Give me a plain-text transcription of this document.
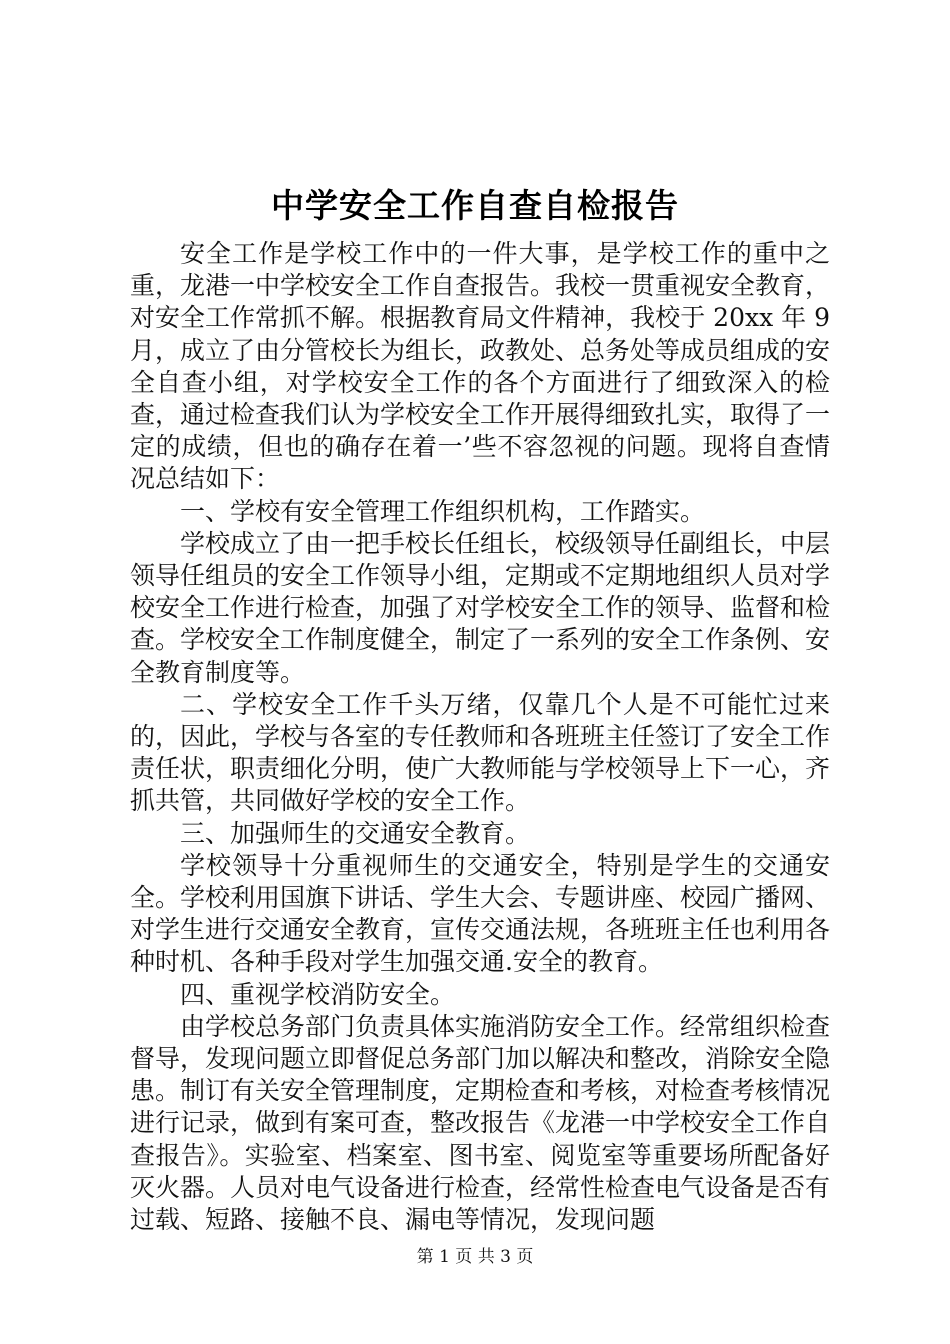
中学安全工作自查自检报告

安全工作是学校工作中的一件大事，是学校工作的重中之重，龙港一中学校安全工作自查报告。我校一贯重视安全教育，对安全工作常抓不解。根据教育局文件精神，我校于 20xx 年 9 月，成立了由分管校长为组长，政教处、总务处等成员组成的安全自查小组，对学校安全工作的各个方面进行了细致深入的检查，通过检查我们认为学校安全工作开展得细致扎实，取得了一定的成绩，但也的确存在着一’些不容忽视的问题。现将自查情况总结如下：

一、学校有安全管理工作组织机构，工作踏实。

学校成立了由一把手校长任组长，校级领导任副组长，中层领导任组员的安全工作领导小组，定期或不定期地组织人员对学校安全工作进行检查，加强了对学校安全工作的领导、监督和检查。学校安全工作制度健全，制定了一系列的安全工作条例、安全教育制度等。

二、学校安全工作千头万绪，仅靠几个人是不可能忙过来的，因此，学校与各室的专任教师和各班班主任签订了安全工作责任状，职责细化分明，使广大教师能与学校领导上下一心，齐抓共管，共同做好学校的安全工作。

三、加强师生的交通安全教育。

学校领导十分重视师生的交通安全，特别是学生的交通安全。学校利用国旗下讲话、学生大会、专题讲座、校园广播网、对学生进行交通安全教育，宣传交通法规，各班班主任也利用各种时机、各种手段对学生加强交通.安全的教育。

四、重视学校消防安全。

由学校总务部门负责具体实施消防安全工作。经常组织检查督导，发现问题立即督促总务部门加以解决和整改，消除安全隐患。制订有关安全管理制度，定期检查和考核，对检查考核情况进行记录，做到有案可查，整改报告《龙港一中学校安全工作自查报告》。实验室、档案室、图书室、阅览室等重要场所配备好灭火器。人员对电气设备进行检查，经常性检查电气设备是否有过载、短路、接触不良、漏电等情况，发现问题

第 1 页 共 3 页
